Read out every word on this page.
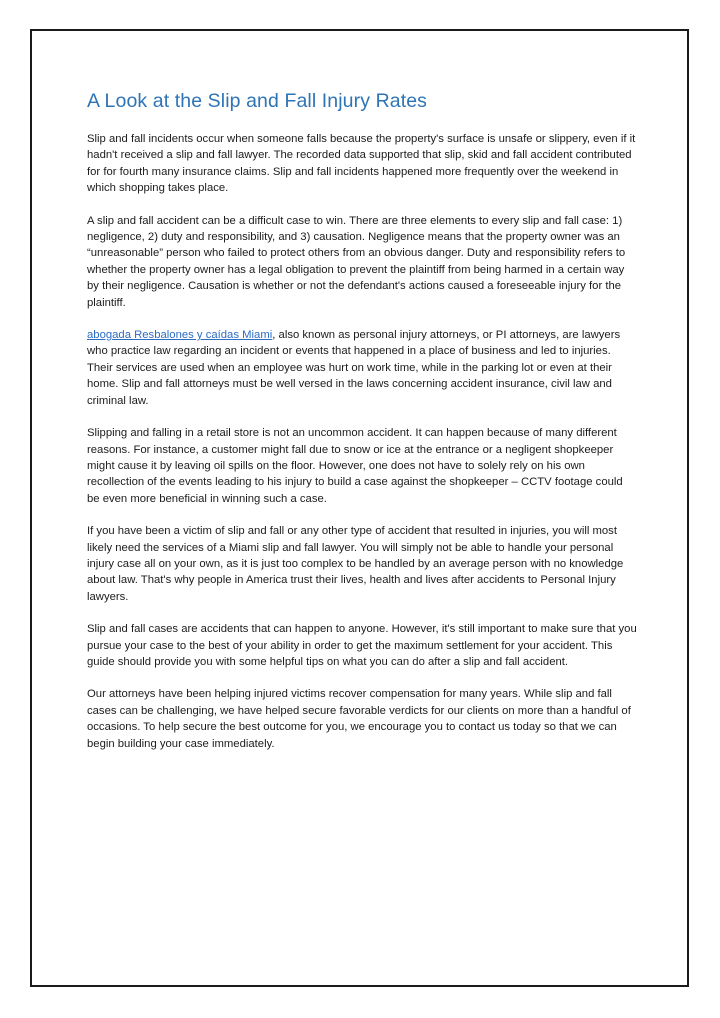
A Look at the Slip and Fall Injury Rates

Slip and fall incidents occur when someone falls because the property's surface is unsafe or slippery, even if it hadn't received a slip and fall lawyer. The recorded data supported that slip, skid and fall accident contributed for for fourth many insurance claims. Slip and fall incidents happened more frequently over the weekend in which shopping takes place.

A slip and fall accident can be a difficult case to win. There are three elements to every slip and fall case: 1) negligence, 2) duty and responsibility, and 3) causation. Negligence means that the property owner was an “unreasonable” person who failed to protect others from an obvious danger. Duty and responsibility refers to whether the property owner has a legal obligation to prevent the plaintiff from being harmed in a certain way by their negligence. Causation is whether or not the defendant's actions caused a foreseeable injury for the plaintiff.

abogada Resbalones y caídas Miami, also known as personal injury attorneys, or PI attorneys, are lawyers who practice law regarding an incident or events that happened in a place of business and led to injuries. Their services are used when an employee was hurt on work time, while in the parking lot or even at their home. Slip and fall attorneys must be well versed in the laws concerning accident insurance, civil law and criminal law.

Slipping and falling in a retail store is not an uncommon accident. It can happen because of many different reasons. For instance, a customer might fall due to snow or ice at the entrance or a negligent shopkeeper might cause it by leaving oil spills on the floor. However, one does not have to solely rely on his own recollection of the events leading to his injury to build a case against the shopkeeper – CCTV footage could be even more beneficial in winning such a case.

If you have been a victim of slip and fall or any other type of accident that resulted in injuries, you will most likely need the services of a Miami slip and fall lawyer. You will simply not be able to handle your personal injury case all on your own, as it is just too complex to be handled by an average person with no knowledge about law. That's why people in America trust their lives, health and lives after accidents to Personal Injury lawyers.

Slip and fall cases are accidents that can happen to anyone. However, it's still important to make sure that you pursue your case to the best of your ability in order to get the maximum settlement for your accident. This guide should provide you with some helpful tips on what you can do after a slip and fall accident.

Our attorneys have been helping injured victims recover compensation for many years. While slip and fall cases can be challenging, we have helped secure favorable verdicts for our clients on more than a handful of occasions. To help secure the best outcome for you, we encourage you to contact us today so that we can begin building your case immediately.
